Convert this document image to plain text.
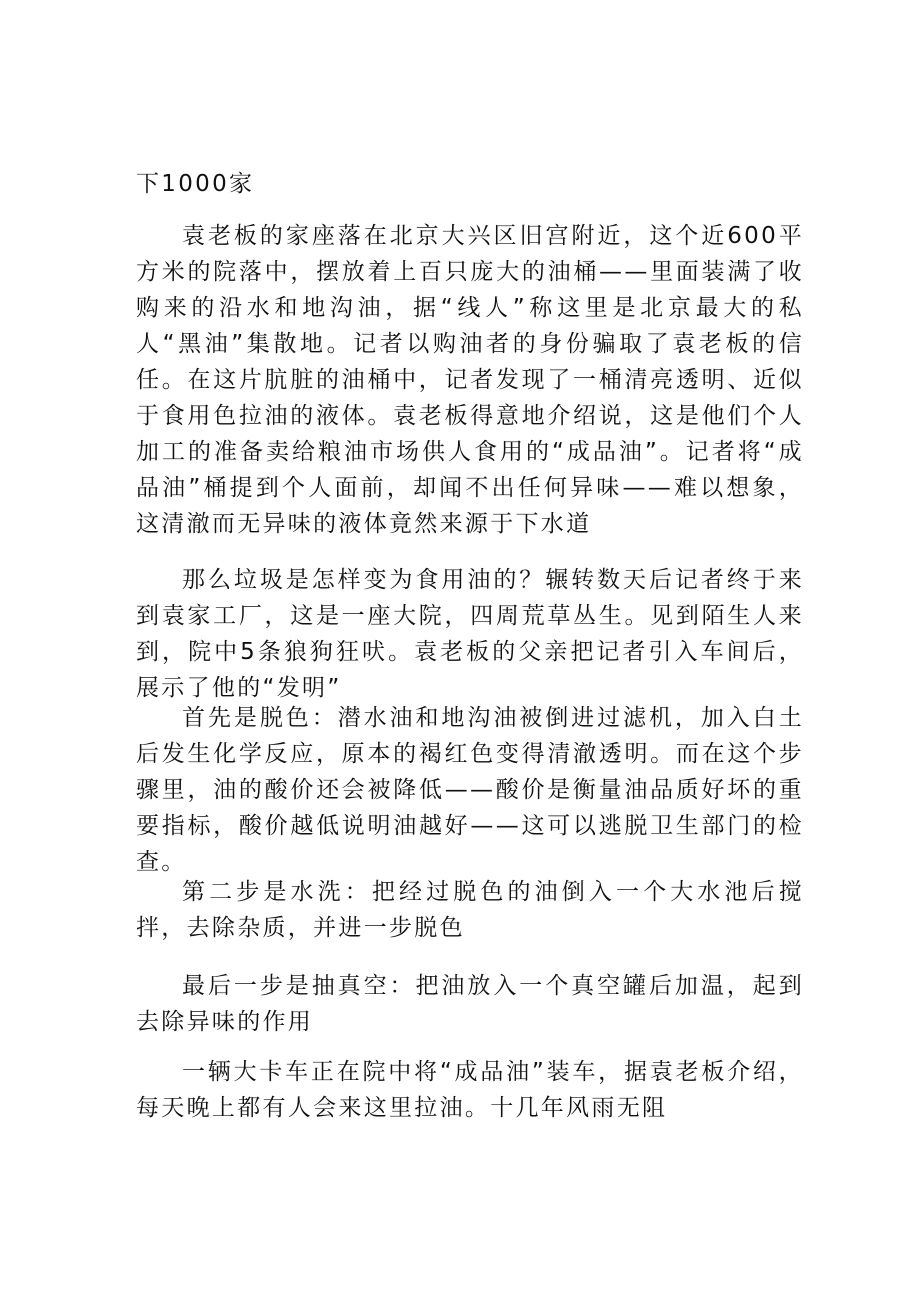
下1000家

袁老板的家座落在北京大兴区旧宫附近，这个近600平方米的院落中，摆放着上百只庞大的油桶——里面装满了收购来的沿水和地沟油，据“线人”称这里是北京最大的私人“黑油”集散地。记者以购油者的身份骗取了袁老板的信任。在这片肮脏的油桶中，记者发现了一桶清亮透明、近似于食用色拉油的液体。袁老板得意地介绍说，这是他们个人加工的准备卖给粮油市场供人食用的“成品油”。记者将“成品油”桶提到个人面前，却闻不出任何异味——难以想象，这清澈而无异味的液体竟然来源于下水道

那么垃圾是怎样变为食用油的？辗转数天后记者终于来到袁家工厂，这是一座大院，四周荒草丛生。见到陌生人来到，院中5条狼狗狂吠。袁老板的父亲把记者引入车间后，展示了他的“发明”

首先是脱色：潜水油和地沟油被倒进过滤机，加入白土后发生化学反应，原本的褐红色变得清澈透明。而在这个步骤里，油的酸价还会被降低——酸价是衡量油品质好坏的重要指标，酸价越低说明油越好——这可以逃脱卫生部门的检查。

第二步是水洗：把经过脱色的油倒入一个大水池后搅拌，去除杂质，并进一步脱色

最后一步是抽真空：把油放入一个真空罐后加温，起到去除异味的作用

一辆大卡车正在院中将“成品油”装车，据袁老板介绍，每天晚上都有人会来这里拉油。十几年风雨无阻
